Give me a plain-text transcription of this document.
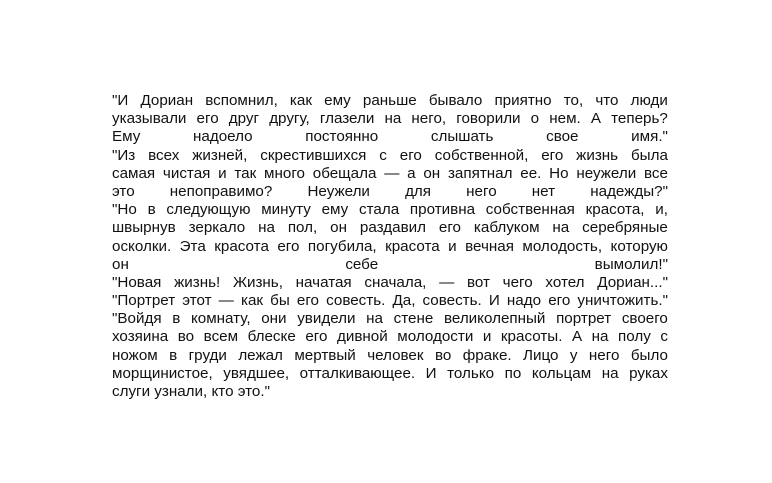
"И Дориан вспомнил, как ему раньше бывало приятно то, что люди
указывали его друг другу, глазели на него, говорили о нем. А теперь?
Ему	надоело	постоянно	слышать	свое	имя."
"Из всех жизней, скрестившихся с его собственной, его жизнь была
самая чистая и так много обещала — а он запятнал ее. Но неужели все
это непоправимо? Неужели для него нет надежды?"
"Но в следующую минуту ему стала противна собственная красота, и,
швырнув зеркало на пол, он раздавил его каблуком на серебряные
осколки. Эта красота его погубила, красота и вечная молодость, которую
он	себе	вымолил!"
"Новая жизнь! Жизнь, начатая сначала, — вот чего хотел Дориан..."
"Портрет этот — как бы его совесть. Да, совесть. И надо его уничтожить."
"Войдя в комнату, они увидели на стене великолепный портрет своего
хозяина во всем блеске его дивной молодости и красоты. А на полу с
ножом в груди лежал мертвый человек во фраке. Лицо у него было
морщинистое, увядшее, отталкивающее. И только по кольцам на руках
слуги узнали, кто это."
